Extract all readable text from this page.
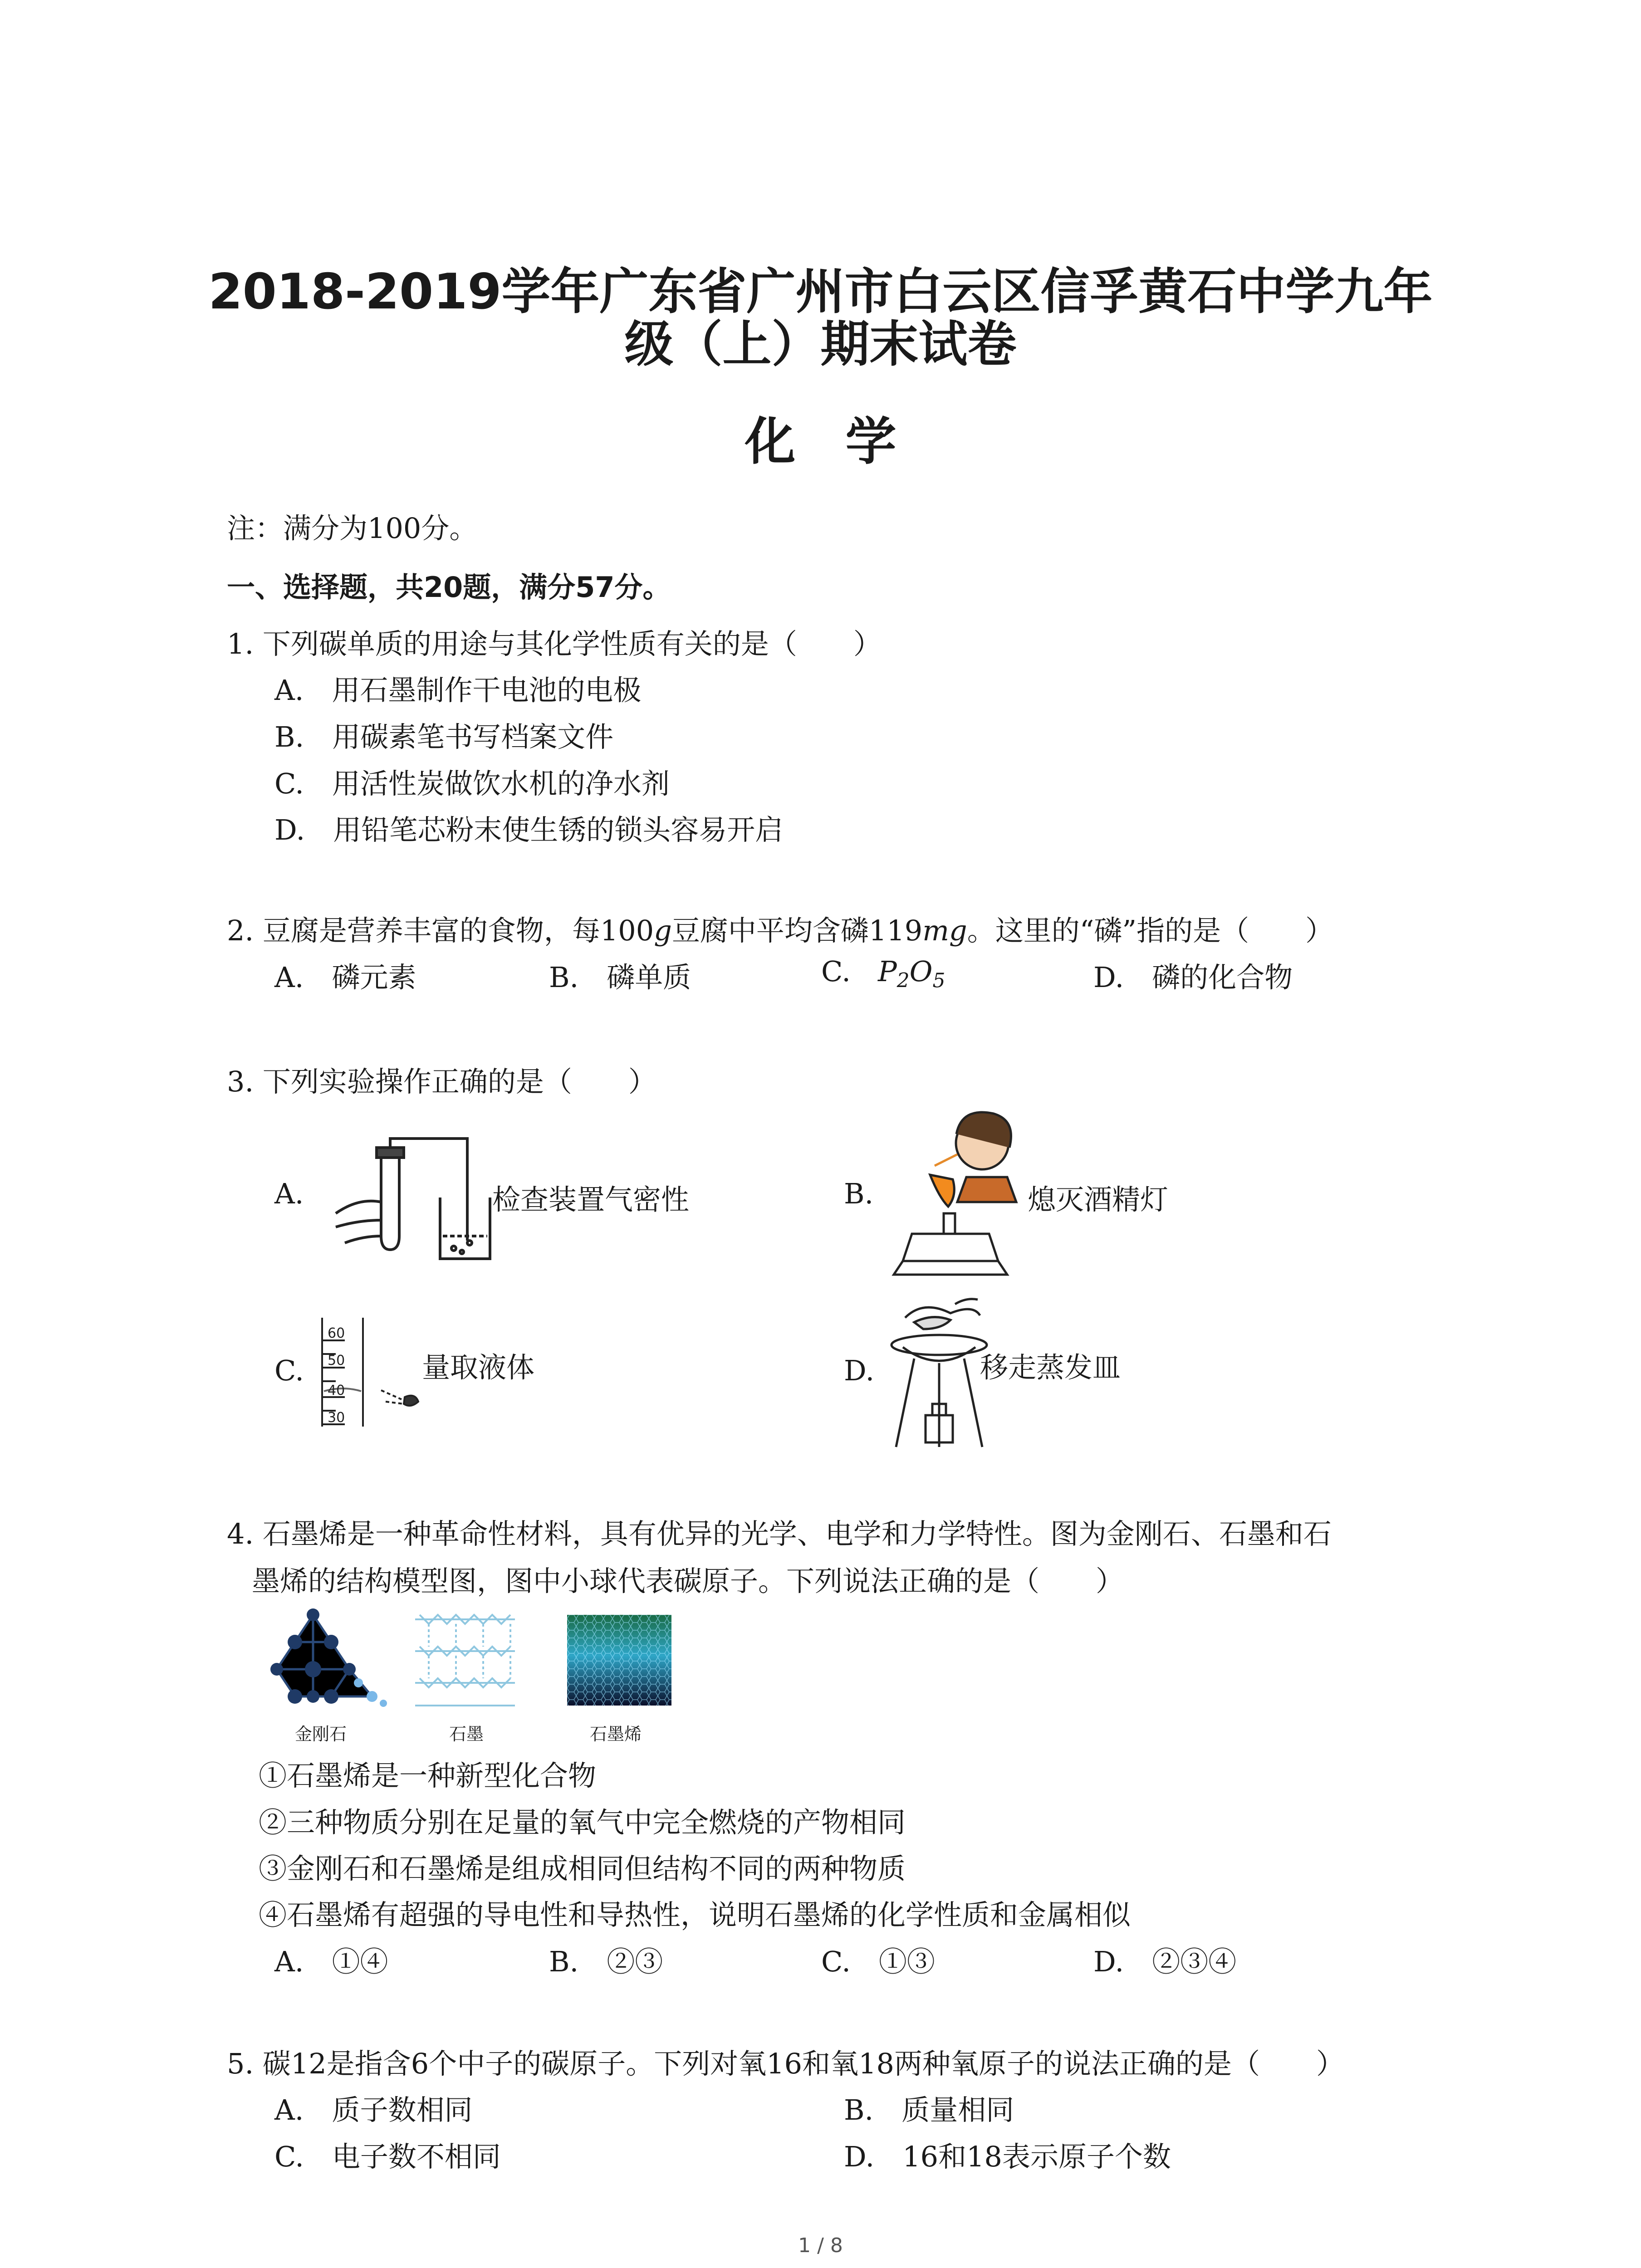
2018-2019学年广东省广州市白云区信孚黄石中学九年
级（上）期末试卷
化学
注：满分为100分。
一、选择题，共20题，满分57分。
1. 下列碳单质的用途与其化学性质有关的是（　　）
A.　用石墨制作干电池的电极
B.　用碳素笔书写档案文件
C.　用活性炭做饮水机的净水剂
D.　用铅笔芯粉末使生锈的锁头容易开启
2. 豆腐是营养丰富的食物，每100g豆腐中平均含磷119mg。这里的“磷”指的是（　　）
A.　磷元素	B.　磷单质	C. $P_2O_5$	D.　磷的化合物
3. 下列实验操作正确的是（　　）
A.	检查装置气密性	B.	熄灭酒精灯
C.
60
50
40
30
量取液体	D.	移走蒸发皿
4. 石墨烯是一种革命性材料，具有优异的光学、电学和力学特性。图为金刚石、石墨和石
墨烯的结构模型图，图中小球代表碳原子。下列说法正确的是（　　）
金刚石	石墨	石墨烯
①石墨烯是一种新型化合物
②三种物质分别在足量的氧气中完全燃烧的产物相同
③金刚石和石墨烯是组成相同但结构不同的两种物质
④石墨烯有超强的导电性和导热性，说明石墨烯的化学性质和金属相似
A.　①④	B.　②③	C.　①③	D.　②③④
5. 碳12是指含6个中子的碳原子。下列对氧16和氧18两种氧原子的说法正确的是（　　）
A.　质子数相同	B.　质量相同
C.　电子数不相同	D.　16和18表示原子个数
1 / 8
